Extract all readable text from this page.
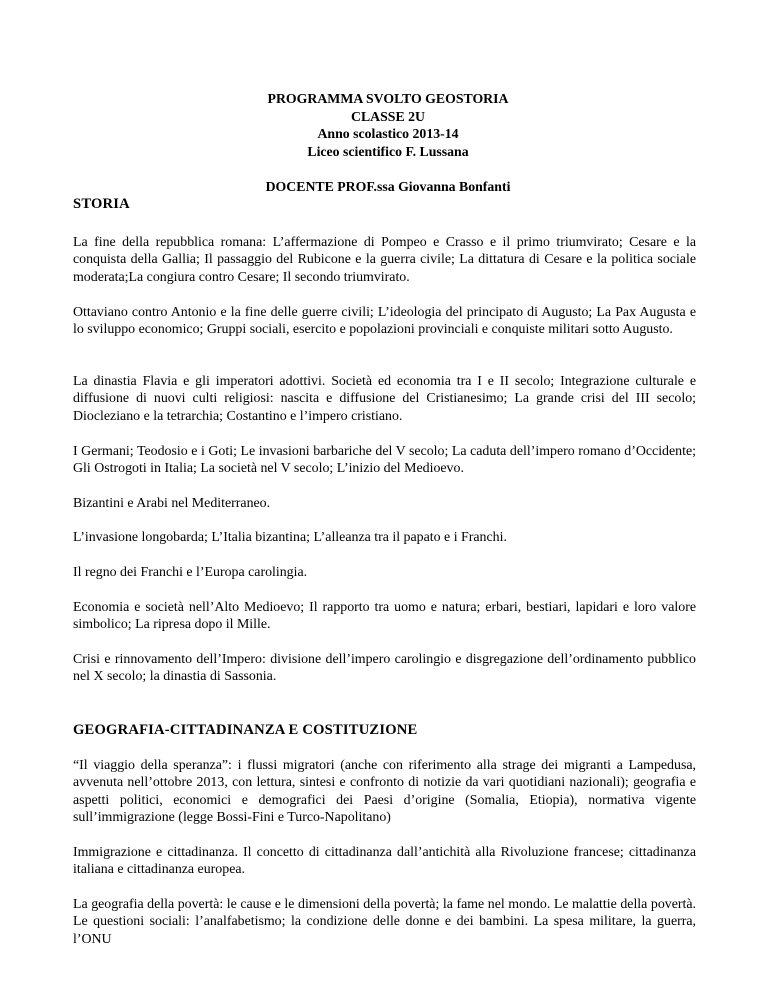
PROGRAMMA SVOLTO GEOSTORIA
CLASSE 2U
Anno scolastico 2013-14
Liceo scientifico F. Lussana
DOCENTE PROF.ssa Giovanna Bonfanti
STORIA
La fine della repubblica romana: L’affermazione di Pompeo e Crasso e il primo triumvirato; Cesare e la conquista della Gallia; Il passaggio del Rubicone e la guerra civile; La dittatura di Cesare e la politica sociale moderata;La congiura contro Cesare; Il secondo triumvirato.
Ottaviano contro Antonio e la fine delle guerre civili; L’ideologia del principato di Augusto; La Pax Augusta e lo sviluppo economico; Gruppi sociali, esercito e popolazioni provinciali e conquiste militari sotto Augusto.
La dinastia Flavia e gli imperatori adottivi. Società ed economia tra I e II secolo; Integrazione culturale e diffusione di nuovi culti religiosi: nascita e diffusione del Cristianesimo; La grande crisi del III secolo; Diocleziano e la tetrarchia; Costantino e l’impero cristiano.
I Germani; Teodosio e i Goti; Le invasioni barbariche del V secolo; La caduta dell’impero romano d’Occidente; Gli Ostrogoti in Italia; La società nel V secolo; L’inizio del Medioevo.
Bizantini e Arabi nel Mediterraneo.
L’invasione longobarda; L’Italia bizantina; L’alleanza tra il papato e i Franchi.
Il regno dei Franchi e l’Europa carolingia.
Economia e società nell’Alto Medioevo; Il rapporto tra uomo e natura; erbari, bestiari, lapidari e loro valore simbolico; La ripresa dopo il Mille.
Crisi e rinnovamento dell’Impero: divisione dell’impero carolingio e disgregazione dell’ordinamento pubblico nel X secolo; la dinastia di Sassonia.
GEOGRAFIA-CITTADINANZA E COSTITUZIONE
“Il viaggio della speranza”: i flussi migratori (anche con riferimento alla strage dei migranti a Lampedusa, avvenuta nell’ottobre 2013, con lettura, sintesi e confronto di notizie da vari quotidiani nazionali); geografia e aspetti politici, economici e demografici dei Paesi d’origine (Somalia, Etiopia), normativa vigente sull’immigrazione (legge Bossi-Fini e Turco-Napolitano)
Immigrazione e cittadinanza. Il concetto di cittadinanza dall’antichità alla Rivoluzione francese; cittadinanza italiana e cittadinanza europea.
La geografia della povertà: le cause e le dimensioni della povertà; la fame nel mondo. Le malattie della povertà. Le questioni sociali: l’analfabetismo; la condizione delle donne e dei bambini. La spesa militare, la guerra, l’ONU
